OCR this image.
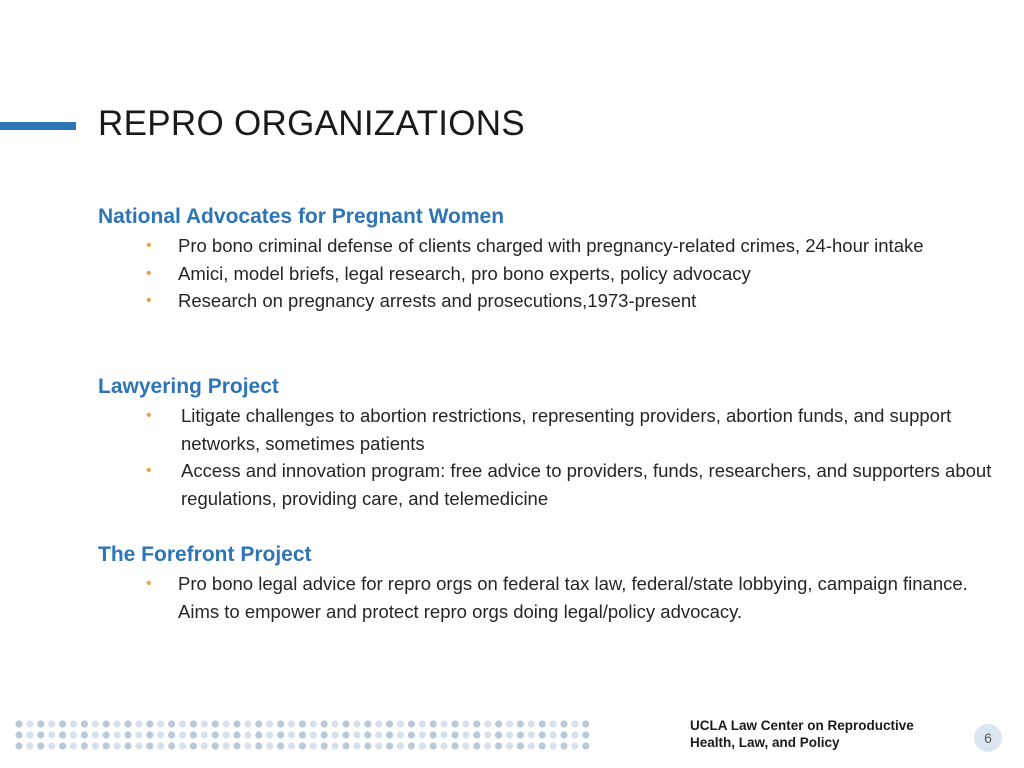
REPRO ORGANIZATIONS
National Advocates for Pregnant Women
• Pro bono criminal defense of clients charged with pregnancy-related crimes, 24-hour intake
• Amici, model briefs, legal research, pro bono experts, policy advocacy
• Research on pregnancy arrests and prosecutions,1973-present
Lawyering Project
• Litigate challenges to abortion restrictions, representing providers, abortion funds, and support networks, sometimes patients
• Access and innovation program: free advice to providers, funds, researchers, and supporters about regulations, providing care, and telemedicine
The Forefront Project
• Pro bono legal advice for repro orgs on federal tax law, federal/state lobbying, campaign finance. Aims to empower and protect repro orgs doing legal/policy advocacy.
UCLA Law Center on Reproductive
Health, Law, and Policy	6
